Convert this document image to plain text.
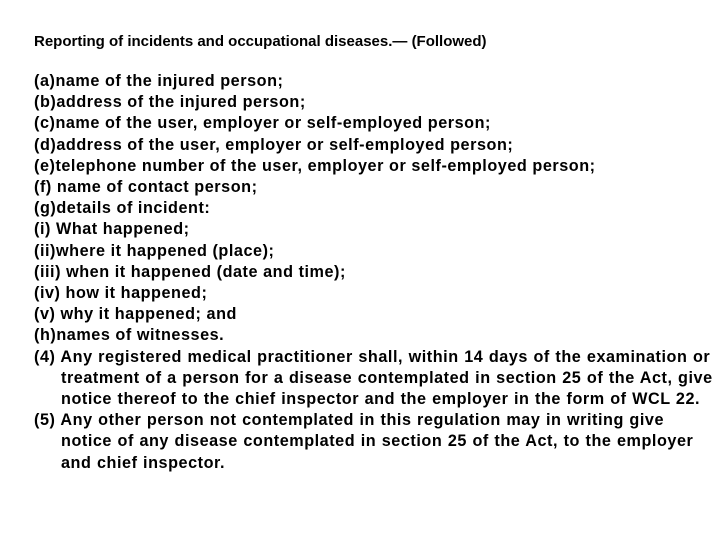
Reporting of incidents and occupational diseases.— (Followed)
(a)name of the injured person;
(b)address of the injured person;
(c)name of the user, employer or self-employed person;
(d)address of the user, employer or self-employed person;
(e)telephone number of the user, employer or self-employed person;
(f) name of contact person;
(g)details of incident:
(i) What happened;
(ii)where it happened (place);
(iii) when it happened (date and time);
(iv) how it happened;
(v) why it happened; and
(h)names of witnesses.
(4) Any registered medical practitioner shall, within 14 days of the examination or treatment of a person for a disease contemplated in section 25 of the Act, give notice thereof to the chief inspector and the employer in the form of WCL 22.
(5) Any other person not contemplated in this regulation may in writing give notice of any disease contemplated in section 25 of the Act, to the employer and chief inspector.
